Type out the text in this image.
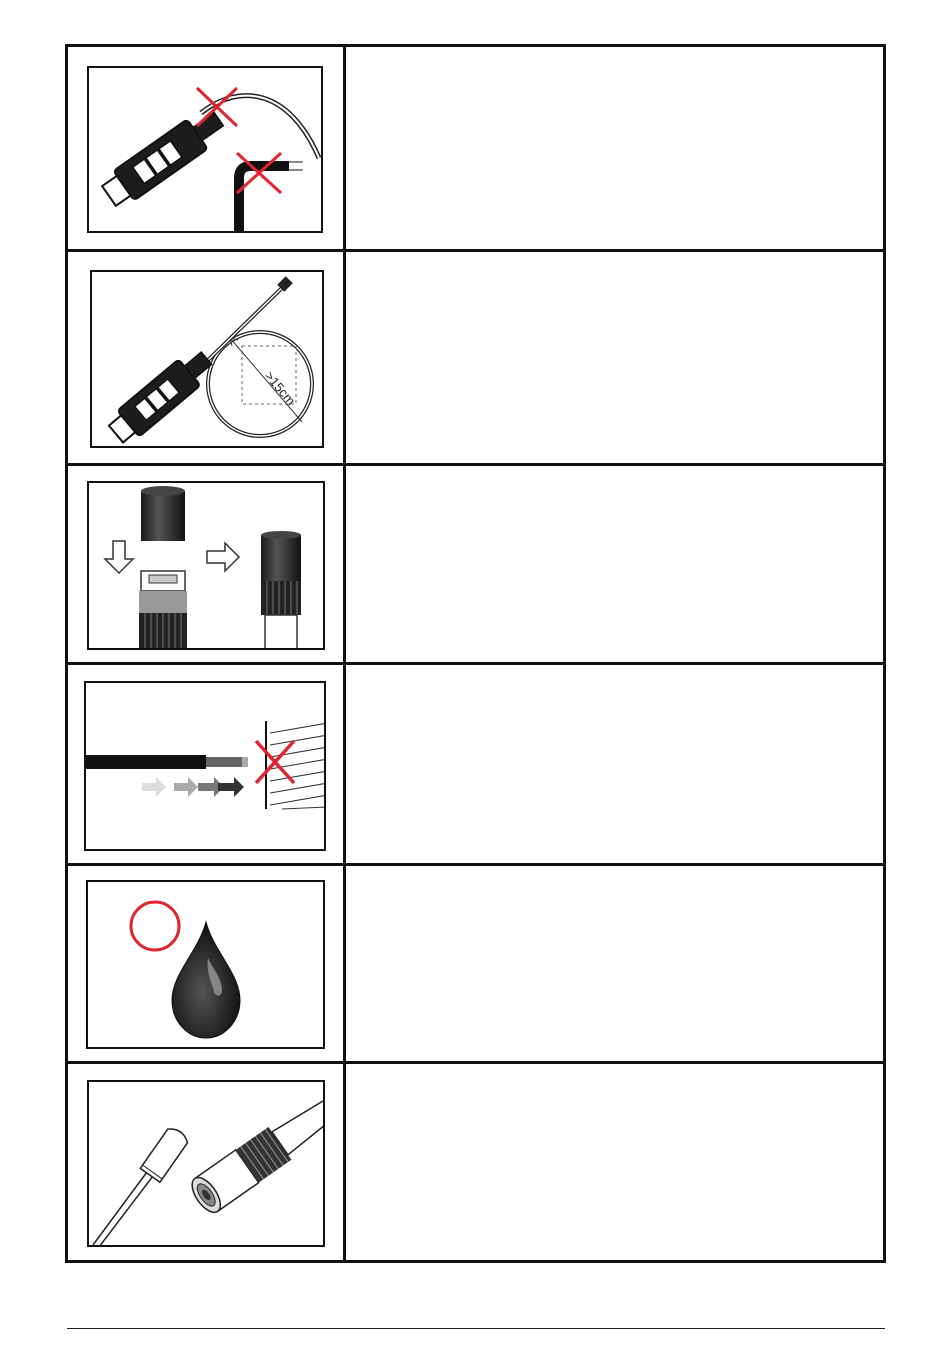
>15cm
